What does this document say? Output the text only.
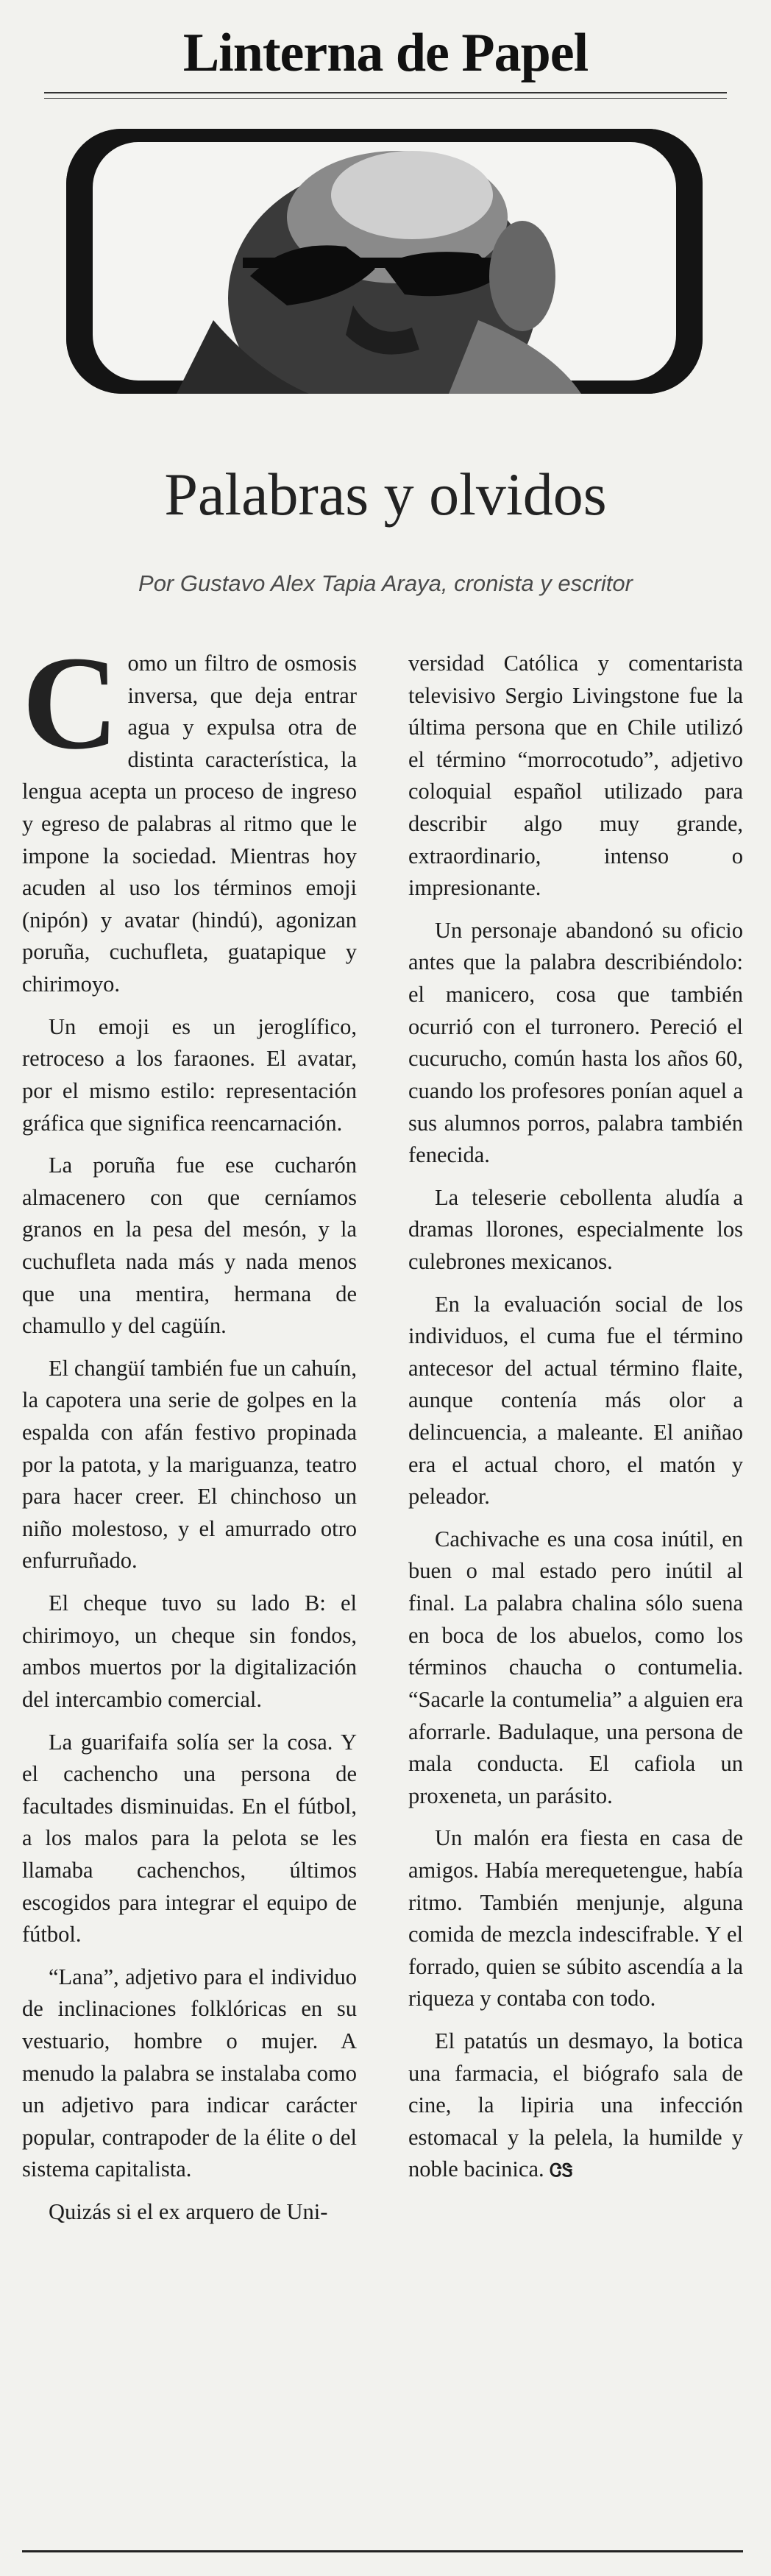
Linterna de Papel
Palabras y olvidos
Por Gustavo Alex Tapia Araya, cronista y escritor

Como un filtro de osmosis inversa, que deja entrar agua y expulsa otra de distinta característica, la lengua acepta un proceso de ingreso y egreso de palabras al ritmo que le impone la sociedad. Mientras hoy acuden al uso los términos emoji (nipón) y avatar (hindú), agonizan poruña, cuchufleta, guatapique y chirimoyo.

Un emoji es un jeroglífico, retroceso a los faraones. El avatar, por el mismo estilo: representación gráfica que significa reencarnación.

La poruña fue ese cucharón almacenero con que cerníamos granos en la pesa del mesón, y la cuchufleta nada más y nada menos que una mentira, hermana de chamullo y del cagüín.

El changüí también fue un cahuín, la capotera una serie de golpes en la espalda con afán festivo propinada por la patota, y la mariguanza, teatro para hacer creer. El chinchoso un niño molestoso, y el amurrado otro enfurruñado.

El cheque tuvo su lado B: el chirimoyo, un cheque sin fondos, ambos muertos por la digitalización del intercambio comercial.

La guarifaifa solía ser la cosa. Y el cachencho una persona de facultades disminuidas. En el fútbol, a los malos para la pelota se les llamaba cachenchos, últimos escogidos para integrar el equipo de fútbol.

“Lana”, adjetivo para el individuo de inclinaciones folklóricas en su vestuario, hombre o mujer. A menudo la palabra se instalaba como un adjetivo para indicar carácter popular, contrapoder de la élite o del sistema capitalista.

Quizás si el ex arquero de Uni-

versidad Católica y comentarista televisivo Sergio Livingstone fue la última persona que en Chile utilizó el término “morrocotudo”, adjetivo coloquial español utilizado para describir algo muy grande, extraordinario, intenso o impresionante.

Un personaje abandonó su oficio antes que la palabra describiéndolo: el manicero, cosa que también ocurrió con el turronero. Pereció el cucurucho, común hasta los años 60, cuando los profesores ponían aquel a sus alumnos porros, palabra también fenecida.

La teleserie cebollenta aludía a dramas llorones, especialmente los culebrones mexicanos.

En la evaluación social de los individuos, el cuma fue el término antecesor del actual término flaite, aunque contenía más olor a delincuencia, a maleante. El aniñao era el actual choro, el matón y peleador.

Cachivache es una cosa inútil, en buen o mal estado pero inútil al final. La palabra chalina sólo suena en boca de los abuelos, como los términos chaucha o contumelia. “Sacarle la contumelia” a alguien era aforrarle. Badulaque, una persona de mala conducta. El cafiola un proxeneta, un parásito.

Un malón era fiesta en casa de amigos. Había merequetengue, había ritmo. También menjunje, alguna comida de mezcla indescifrable. Y el forrado, quien se súbito ascendía a la riqueza y contaba con todo.

El patatús un desmayo, la botica una farmacia, el biógrafo sala de cine, la lipiria una infección estomacal y la pelela, la humilde y noble bacinica. ᏣᏕ
